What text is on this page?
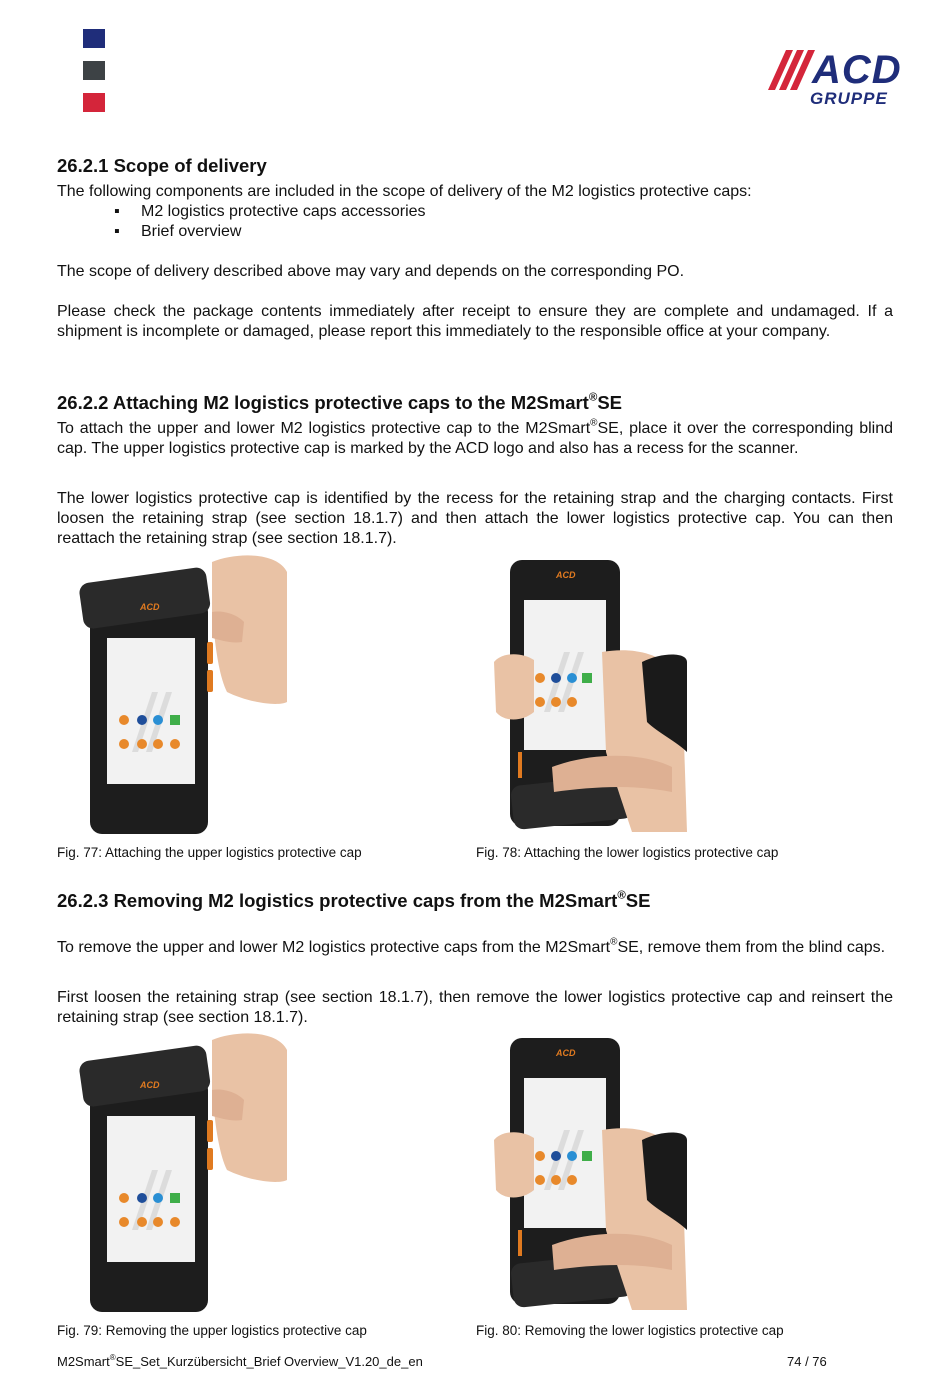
ACD
GRUPPE
26.2.1 Scope of delivery

The following components are included in the scope of delivery of the M2 logistics protective caps:

▪ M2 logistics protective caps accessories
▪ Brief overview

The scope of delivery described above may vary and depends on the corresponding PO.

Please check the package contents immediately after receipt to ensure they are complete and undamaged. If a shipment is incomplete or damaged, please report this immediately to the responsible office at your company.

26.2.2 Attaching M2 logistics protective caps to the M2Smart®SE

To attach the upper and lower M2 logistics protective cap to the M2Smart®SE, place it over the corresponding blind cap. The upper logistics protective cap is marked by the ACD logo and also has a recess for the scanner.

The lower logistics protective cap is identified by the recess for the retaining strap and the charging contacts. First loosen the retaining strap (see section 18.1.7) and then attach the lower logistics protective cap. You can then reattach the retaining strap (see section 18.1.7).

ACD
ACD
Fig. 77: Attaching the upper logistics protective cap	Fig. 78: Attaching the lower logistics protective cap
26.2.3 Removing M2 logistics protective caps from the M2Smart®SE

To remove the upper and lower M2 logistics protective caps from the M2Smart®SE, remove them from the blind caps.

First loosen the retaining strap (see section 18.1.7), then remove the lower logistics protective cap and reinsert the retaining strap (see section 18.1.7).

ACD
ACD
Fig. 79: Removing the upper logistics protective cap	Fig. 80: Removing the lower logistics protective cap
M2Smart®SE_Set_Kurzübersicht_Brief Overview_V1.20_de_en	74 / 76
